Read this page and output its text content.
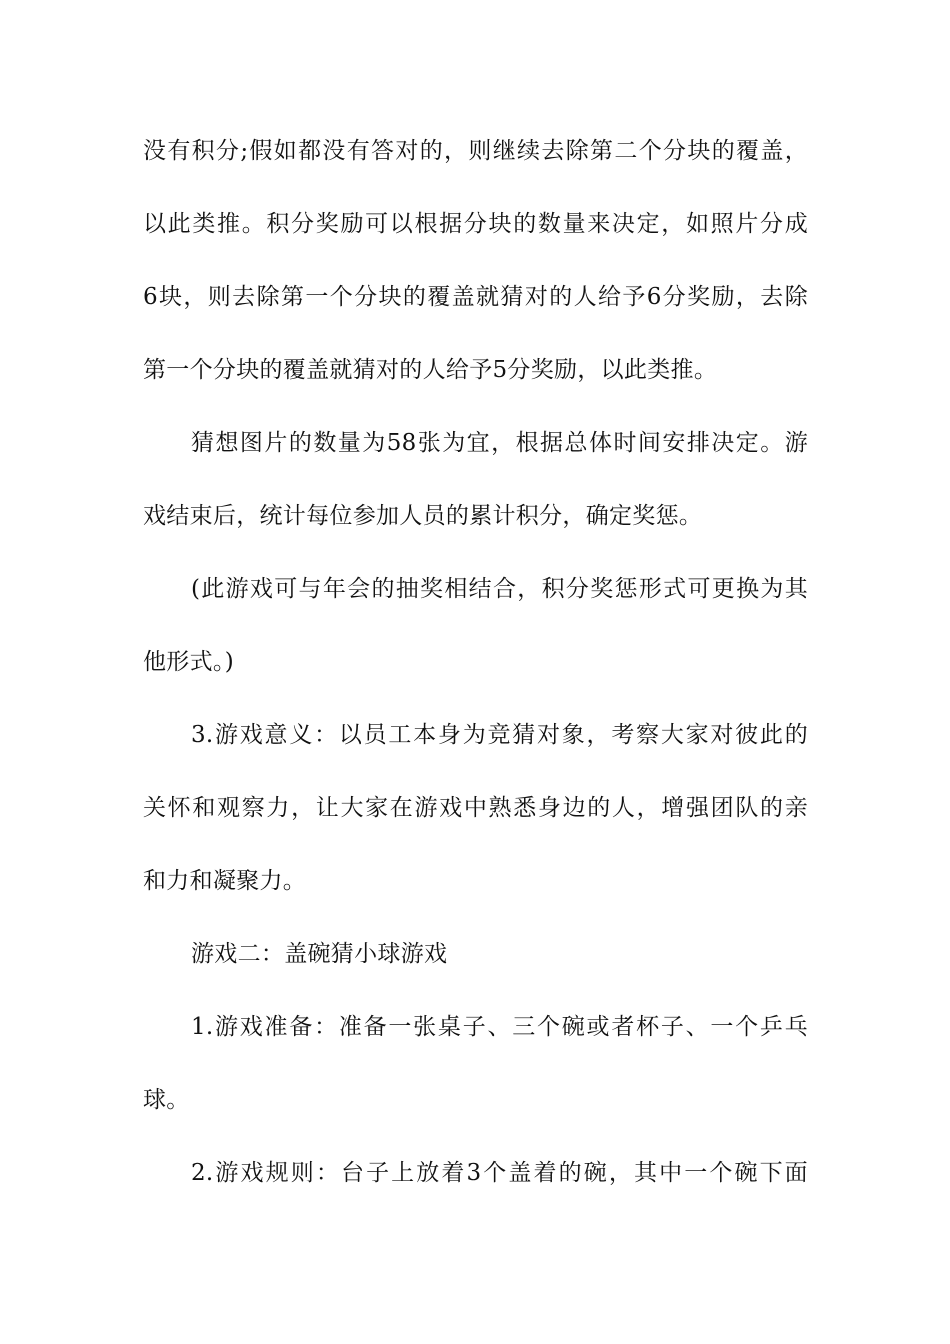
没有积分;假如都没有答对的，则继续去除第二个分块的覆盖，
以此类推。积分奖励可以根据分块的数量来决定，如照片分成
6块，则去除第一个分块的覆盖就猜对的人给予6分奖励，去除
第一个分块的覆盖就猜对的人给予5分奖励，以此类推。
猜想图片的数量为58张为宜，根据总体时间安排决定。游
戏结束后，统计每位参加人员的累计积分，确定奖惩。
(此游戏可与年会的抽奖相结合，积分奖惩形式可更换为其
他形式。)
3.游戏意义：以员工本身为竞猜对象，考察大家对彼此的
关怀和观察力，让大家在游戏中熟悉身边的人，增强团队的亲
和力和凝聚力。
游戏二：盖碗猜小球游戏
1.游戏准备：准备一张桌子、三个碗或者杯子、一个乒乓
球。
2.游戏规则：台子上放着3个盖着的碗，其中一个碗下面
